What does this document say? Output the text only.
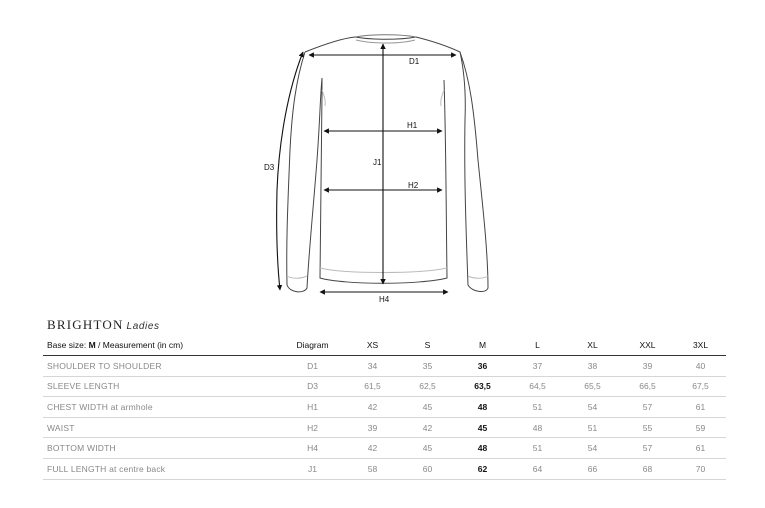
D1
H1
J1
H2
D3
H4
BRIGHTON Ladies
Base size: M / Measurement (in cm)	Diagram	XS	S	M	L	XL	XXL	3XL
SHOULDER TO SHOULDER	D1	34	35	36	37	38	39	40
SLEEVE LENGTH	D3	61,5	62,5	63,5	64,5	65,5	66,5	67,5
CHEST WIDTH at armhole	H1	42	45	48	51	54	57	61
WAIST	H2	39	42	45	48	51	55	59
BOTTOM WIDTH	H4	42	45	48	51	54	57	61
FULL LENGTH at centre back	J1	58	60	62	64	66	68	70
